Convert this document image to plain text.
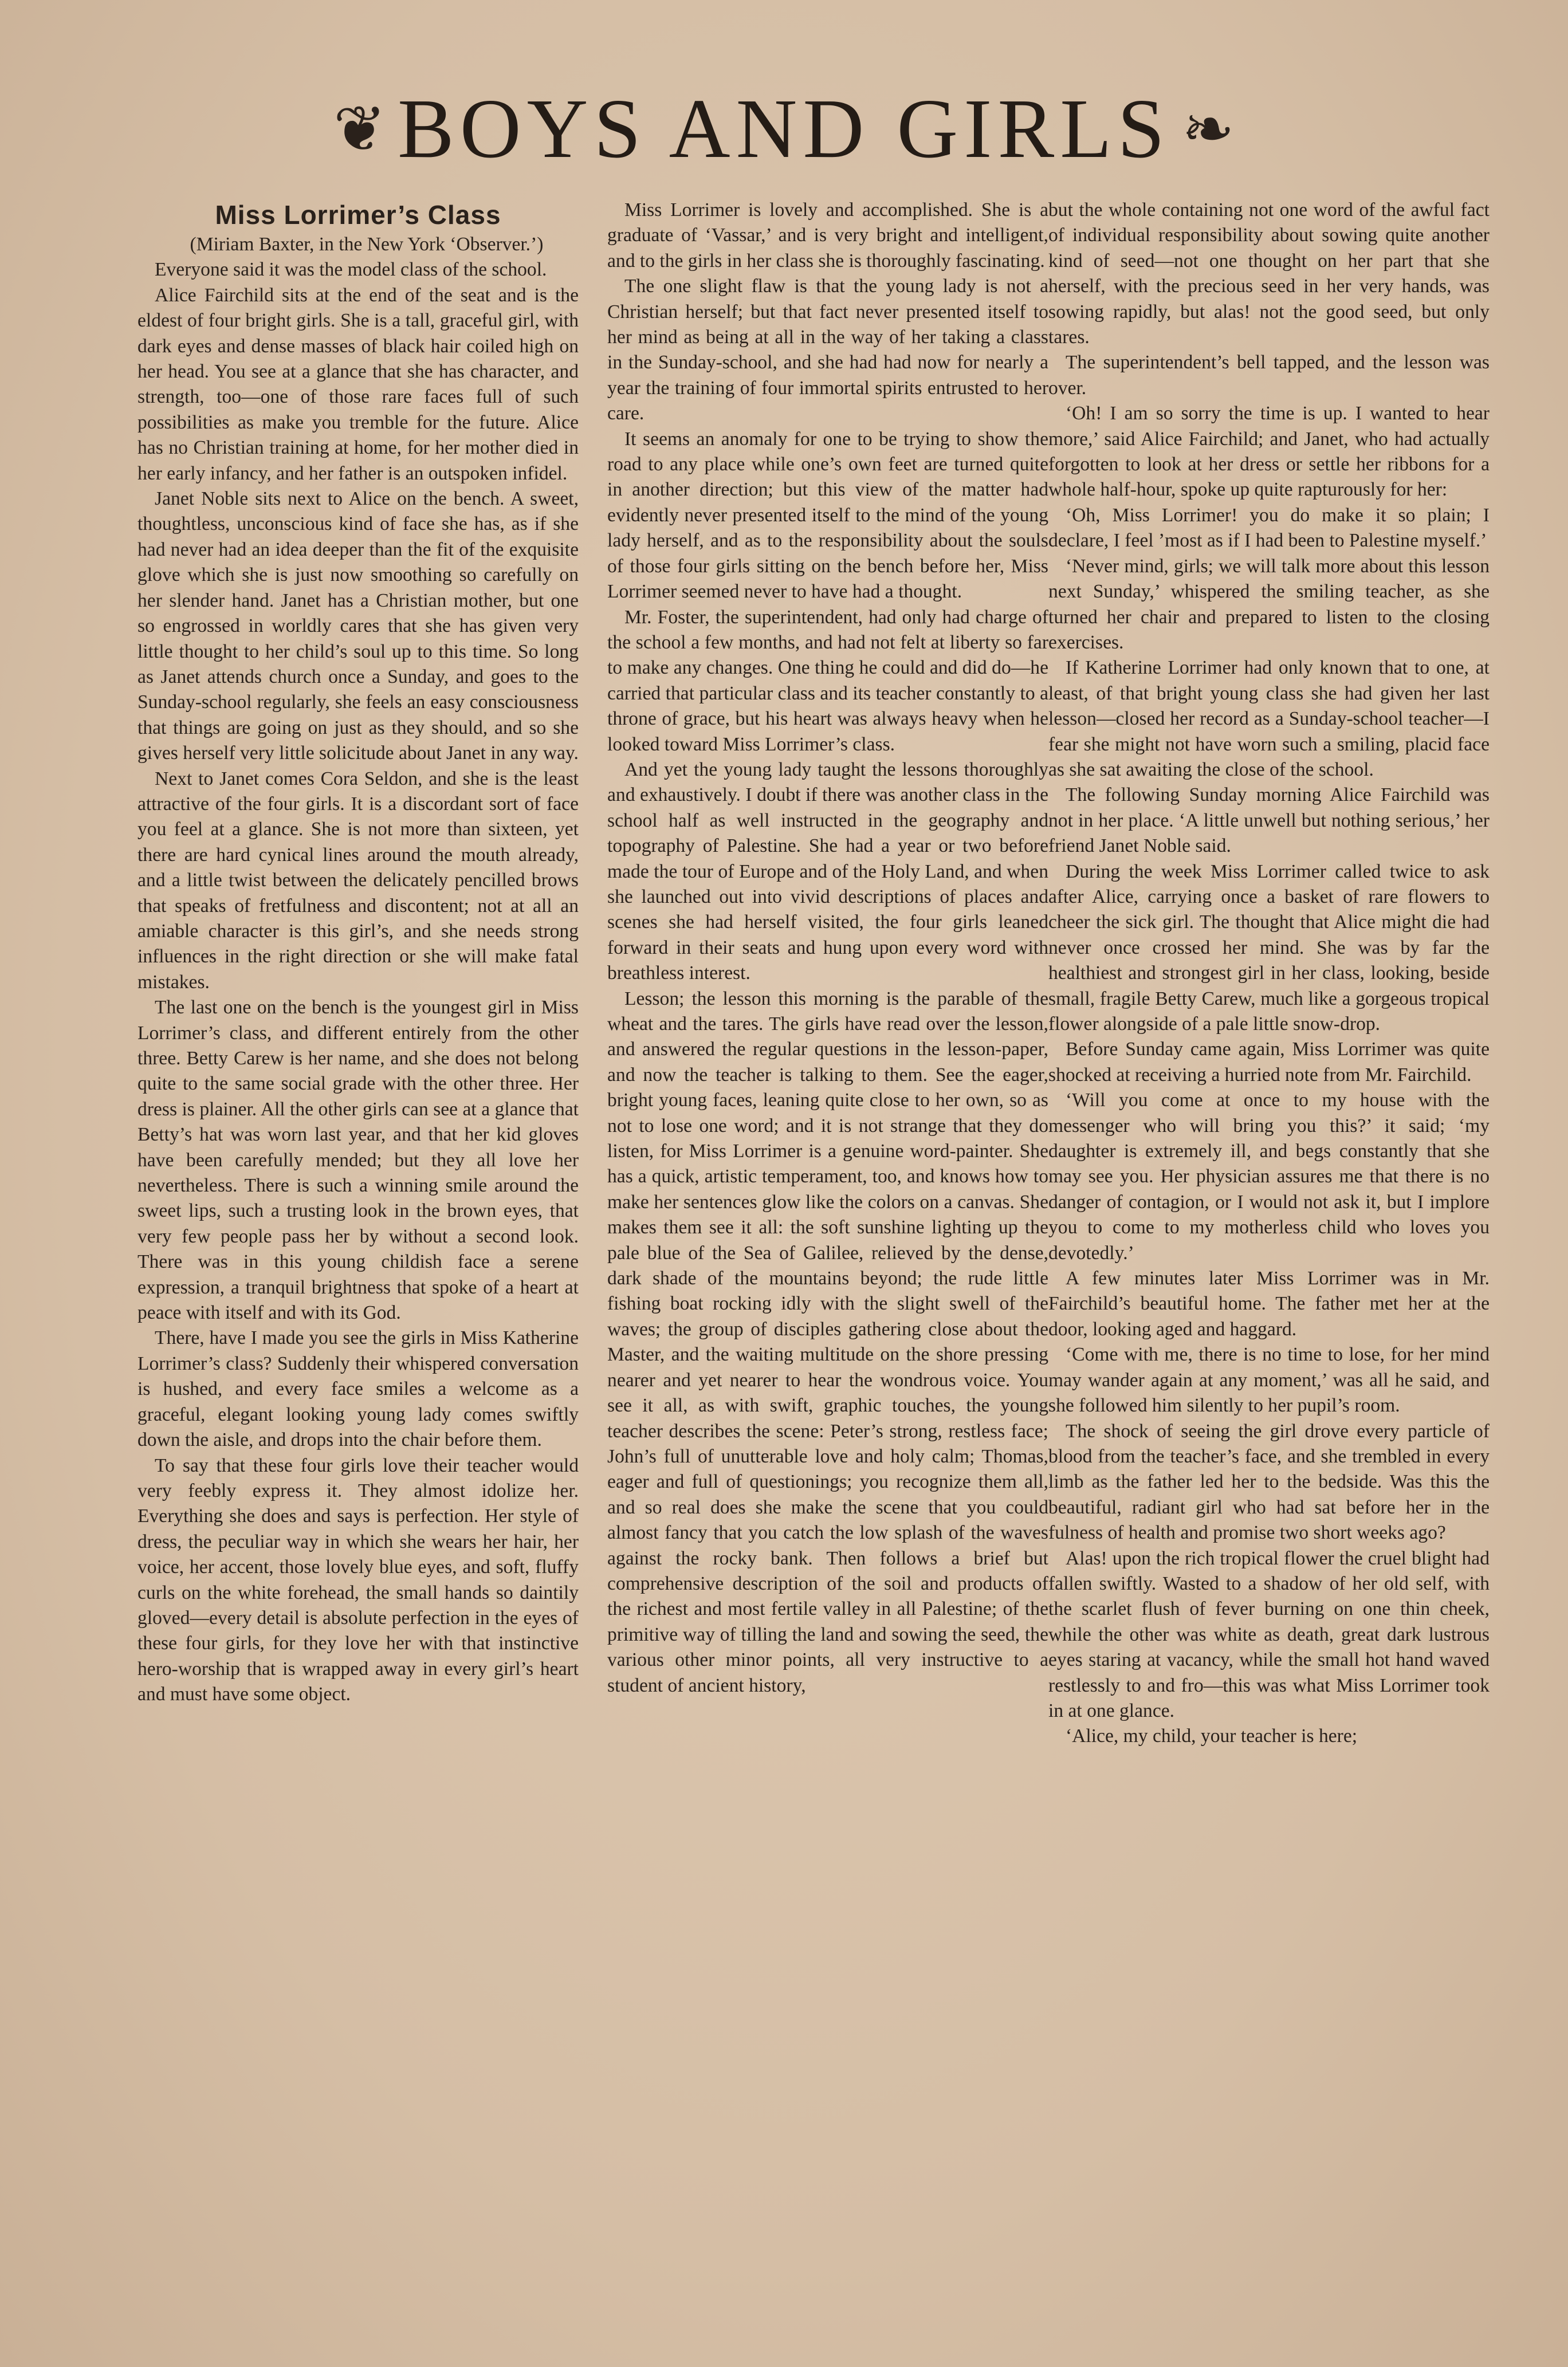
❦ BOYS AND GIRLS ❧
Miss Lorrimer’s Class

(Miriam Baxter, in the New York ‘Observer.’)

Everyone said it was the model class of the school.

Alice Fairchild sits at the end of the seat and is the eldest of four bright girls. She is a tall, graceful girl, with dark eyes and dense masses of black hair coiled high on her head. You see at a glance that she has character, and strength, too—one of those rare faces full of such possibilities as make you tremble for the future. Alice has no Christian training at home, for her mother died in her early infancy, and her father is an outspoken infidel.

Janet Noble sits next to Alice on the bench. A sweet, thoughtless, unconscious kind of face she has, as if she had never had an idea deeper than the fit of the exquisite glove which she is just now smoothing so carefully on her slender hand. Janet has a Christian mother, but one so engrossed in worldly cares that she has given very little thought to her child’s soul up to this time. So long as Janet attends church once a Sunday, and goes to the Sunday-school regularly, she feels an easy consciousness that things are going on just as they should, and so she gives herself very little solicitude about Janet in any way.

Next to Janet comes Cora Seldon, and she is the least attractive of the four girls. It is a discordant sort of face you feel at a glance. She is not more than sixteen, yet there are hard cynical lines around the mouth already, and a little twist between the delicately pencilled brows that speaks of fretfulness and discontent; not at all an amiable character is this girl’s, and she needs strong influences in the right direction or she will make fatal mistakes.

The last one on the bench is the youngest girl in Miss Lorrimer’s class, and different entirely from the other three. Betty Carew is her name, and she does not belong quite to the same social grade with the other three. Her dress is plainer. All the other girls can see at a glance that Betty’s hat was worn last year, and that her kid gloves have been carefully mended; but they all love her nevertheless. There is such a winning smile around the sweet lips, such a trusting look in the brown eyes, that very few people pass her by without a second look. There was in this young childish face a serene expression, a tranquil brightness that spoke of a heart at peace with itself and with its God.

There, have I made you see the girls in Miss Katherine Lorrimer’s class? Suddenly their whispered conversation is hushed, and every face smiles a welcome as a graceful, elegant looking young lady comes swiftly down the aisle, and drops into the chair before them.

To say that these four girls love their teacher would very feebly express it. They almost idolize her. Everything she does and says is perfection. Her style of dress, the peculiar way in which she wears her hair, her voice, her accent, those lovely blue eyes, and soft, fluffy curls on the white forehead, the small hands so daintily gloved—every detail is absolute perfection in the eyes of these four girls, for they love her with that instinctive hero-worship that is wrapped away in every girl’s heart and must have some object.

Miss Lorrimer is lovely and accomplished. She is a graduate of ‘Vassar,’ and is very bright and intelligent, and to the girls in her class she is thoroughly fascinating.

The one slight flaw is that the young lady is not a Christian herself; but that fact never presented itself to her mind as being at all in the way of her taking a class in the Sunday-school, and she had had now for nearly a year the training of four immortal spirits entrusted to her care.

It seems an anomaly for one to be trying to show the road to any place while one’s own feet are turned quite in another direction; but this view of the matter had evidently never presented itself to the mind of the young lady herself, and as to the responsibility about the souls of those four girls sitting on the bench before her, Miss Lorrimer seemed never to have had a thought.

Mr. Foster, the superintendent, had only had charge of the school a few months, and had not felt at liberty so far to make any changes. One thing he could and did do—he carried that particular class and its teacher constantly to a throne of grace, but his heart was always heavy when he looked toward Miss Lorrimer’s class.

And yet the young lady taught the lessons thoroughly and exhaustively. I doubt if there was another class in the school half as well instructed in the geography and topography of Palestine. She had a year or two before made the tour of Europe and of the Holy Land, and when she launched out into vivid descriptions of places and scenes she had herself visited, the four girls leaned forward in their seats and hung upon every word with breathless interest.

Lesson; the lesson this morning is the parable of the wheat and the tares. The girls have read over the lesson, and answered the regular questions in the lesson-paper, and now the teacher is talking to them. See the eager, bright young faces, leaning quite close to her own, so as not to lose one word; and it is not strange that they do listen, for Miss Lorrimer is a genuine word-painter. She has a quick, artistic temperament, too, and knows how to make her sentences glow like the colors on a canvas. She makes them see it all: the soft sunshine lighting up the pale blue of the Sea of Galilee, relieved by the dense, dark shade of the mountains beyond; the rude little fishing boat rocking idly with the slight swell of the waves; the group of disciples gathering close about the Master, and the waiting multitude on the shore pressing nearer and yet nearer to hear the wondrous voice. You see it all, as with swift, graphic touches, the young teacher describes the scene: Peter’s strong, restless face; John’s full of unutterable love and holy calm; Thomas, eager and full of questionings; you recognize them all, and so real does she make the scene that you could almost fancy that you catch the low splash of the waves against the rocky bank. Then follows a brief but comprehensive description of the soil and products of the richest and most fertile valley in all Palestine; of the primitive way of tilling the land and sowing the seed, the various other minor points, all very instructive to a student of ancient history,

but the whole containing not one word of the awful fact of individual responsibility about sowing quite another kind of seed—not one thought on her part that she herself, with the precious seed in her very hands, was sowing rapidly, but alas! not the good seed, but only tares.

The superintendent’s bell tapped, and the lesson was over.

‘Oh! I am so sorry the time is up. I wanted to hear more,’ said Alice Fairchild; and Janet, who had actually forgotten to look at her dress or settle her ribbons for a whole half-hour, spoke up quite rapturously for her:

‘Oh, Miss Lorrimer! you do make it so plain; I declare, I feel ’most as if I had been to Palestine myself.’

‘Never mind, girls; we will talk more about this lesson next Sunday,’ whispered the smiling teacher, as she turned her chair and prepared to listen to the closing exercises.

If Katherine Lorrimer had only known that to one, at least, of that bright young class she had given her last lesson—closed her record as a Sunday-school teacher—I fear she might not have worn such a smiling, placid face as she sat awaiting the close of the school.

The following Sunday morning Alice Fairchild was not in her place. ‘A little unwell but nothing serious,’ her friend Janet Noble said.

During the week Miss Lorrimer called twice to ask after Alice, carrying once a basket of rare flowers to cheer the sick girl. The thought that Alice might die had never once crossed her mind. She was by far the healthiest and strongest girl in her class, looking, beside small, fragile Betty Carew, much like a gorgeous tropical flower alongside of a pale little snow-drop.

Before Sunday came again, Miss Lorrimer was quite shocked at receiving a hurried note from Mr. Fairchild.

‘Will you come at once to my house with the messenger who will bring you this?’ it said; ‘my daughter is extremely ill, and begs constantly that she may see you. Her physician assures me that there is no danger of contagion, or I would not ask it, but I implore you to come to my motherless child who loves you devotedly.’

A few minutes later Miss Lorrimer was in Mr. Fairchild’s beautiful home. The father met her at the door, looking aged and haggard.

‘Come with me, there is no time to lose, for her mind may wander again at any moment,’ was all he said, and she followed him silently to her pupil’s room.

The shock of seeing the girl drove every particle of blood from the teacher’s face, and she trembled in every limb as the father led her to the bedside. Was this the beautiful, radiant girl who had sat before her in the fulness of health and promise two short weeks ago?

Alas! upon the rich tropical flower the cruel blight had fallen swiftly. Wasted to a shadow of her old self, with the scarlet flush of fever burning on one thin cheek, while the other was white as death, great dark lustrous eyes staring at vacancy, while the small hot hand waved restlessly to and fro—this was what Miss Lorrimer took in at one glance.

‘Alice, my child, your teacher is here;
